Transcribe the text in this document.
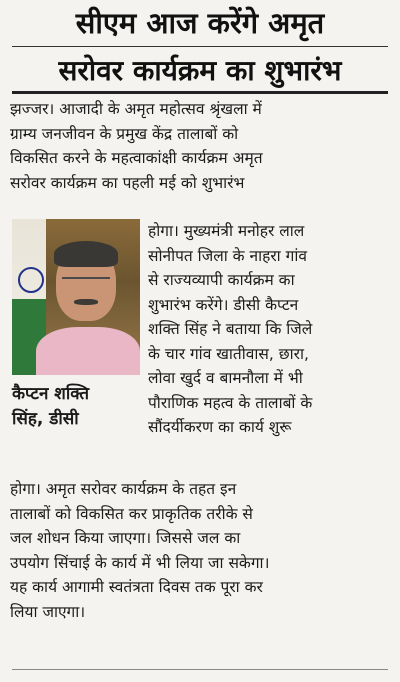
सीएम आज करेंगे अमृत
सरोवर कार्यक्रम का शुभारंभ
झज्जर। आजादी के अमृत महोत्सव श्रृंखला में
ग्राम्य जनजीवन के प्रमुख केंद्र तालाबों को
विकसित करने के महत्वाकांक्षी कार्यक्रम अमृत
सरोवर कार्यक्रम का पहली मई को शुभारंभ
कैप्टन शक्ति
सिंह, डीसी
होगा। मुख्यमंत्री मनोहर लाल
सोनीपत जिला के नाहरा गांव
से राज्यव्यापी कार्यक्रम का
शुभारंभ करेंगे। डीसी कैप्टन
शक्ति सिंह ने बताया कि जिले
के चार गांव खातीवास, छारा,
लोवा खुर्द व बामनौला में भी
पौराणिक महत्व के तालाबों के
सौंदर्यीकरण का कार्य शुरू
होगा। अमृत सरोवर कार्यक्रम के तहत इन
तालाबों को विकसित कर प्राकृतिक तरीके से
जल शोधन किया जाएगा। जिससे जल का
उपयोग सिंचाई के कार्य में भी लिया जा सकेगा।
यह कार्य आगामी स्वतंत्रता दिवस तक पूरा कर
लिया जाएगा।
